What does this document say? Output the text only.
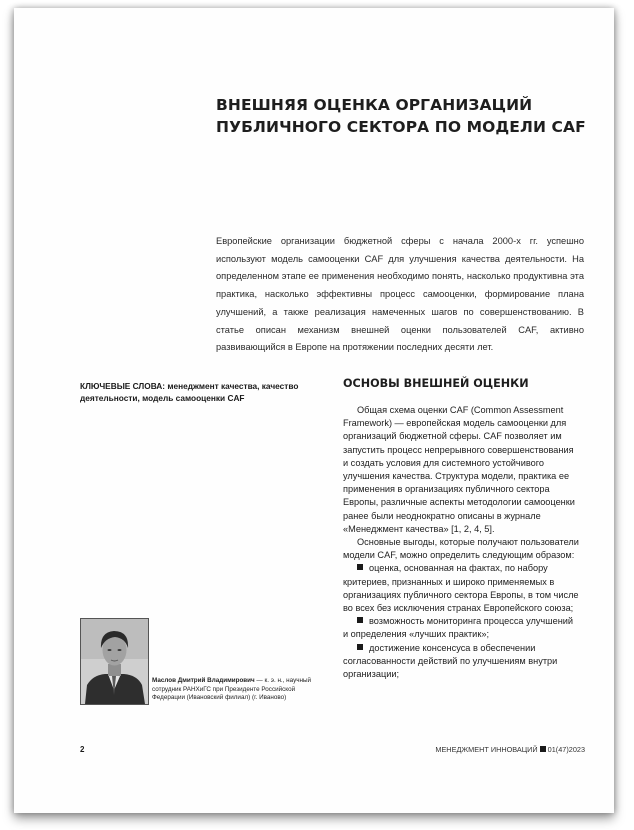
ВНЕШНЯЯ ОЦЕНКА ОРГАНИЗАЦИЙ
ПУБЛИЧНОГО СЕКТОРА ПО МОДЕЛИ CAF

Европейские организации бюджетной сферы с начала 2000-х гг. успешно используют модель самооценки CAF для улучшения качества деятельности. На определенном этапе ее применения необходимо понять, насколько продуктивна эта практика, насколько эффективны процесс самооценки, формирование плана улучшений, а также реализация намеченных шагов по совершенствованию. В статье описан механизм внешней оценки пользователей CAF, активно развивающийся в Европе на протяжении последних десяти лет.

КЛЮЧЕВЫЕ СЛОВА: менеджмент качества, качество деятельности, модель самооценки CAF

ОСНОВЫ ВНЕШНЕЙ ОЦЕНКИ

Общая схема оценки CAF (Common Assessment Framework) — европейская модель самооценки для организаций бюджетной сферы. CAF позволяет им запустить процесс непрерывного совершенствования и создать условия для системного устойчивого улучшения качества. Структура модели, практика ее применения в организациях публичного сектора Европы, различные аспекты методологии самооценки ранее были неоднократно описаны в журнале «Менеджмент качества» [1, 2, 4, 5].

Основные выгоды, которые получают пользователи модели CAF, можно определить следующим образом:

оценка, основанная на фактах, по набору критериев, признанных и широко применяемых в организациях публичного сектора Европы, в том числе во всех без исключения странах Европейского союза;

возможность мониторинга процесса улучшений и определения «лучших практик»;

достижение консенсуса в обеспечении согласованности действий по улучшениям внутри организации;

Маслов Дмитрий Владимирович — к. э. н., научный сотрудник РАНХиГС при Президенте Российской Федерации (Ивановский филиал) (г. Иваново)

2	МЕНЕДЖМЕНТ ИННОВАЦИЙ 01(47)2023
